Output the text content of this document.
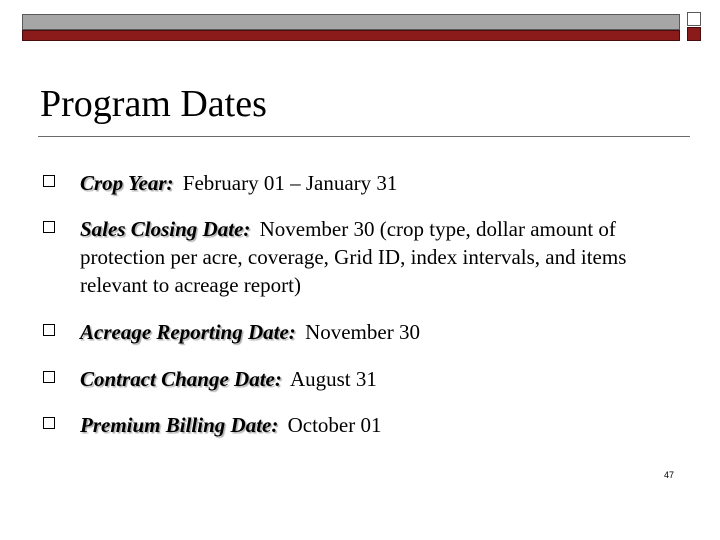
Program Dates
Crop Year: February 01 – January 31
Sales Closing Date: November 30 (crop type, dollar amount of protection per acre, coverage, Grid ID, index intervals, and items relevant to acreage report)
Acreage Reporting Date: November 30
Contract Change Date: August 31
Premium Billing Date: October 01
47
